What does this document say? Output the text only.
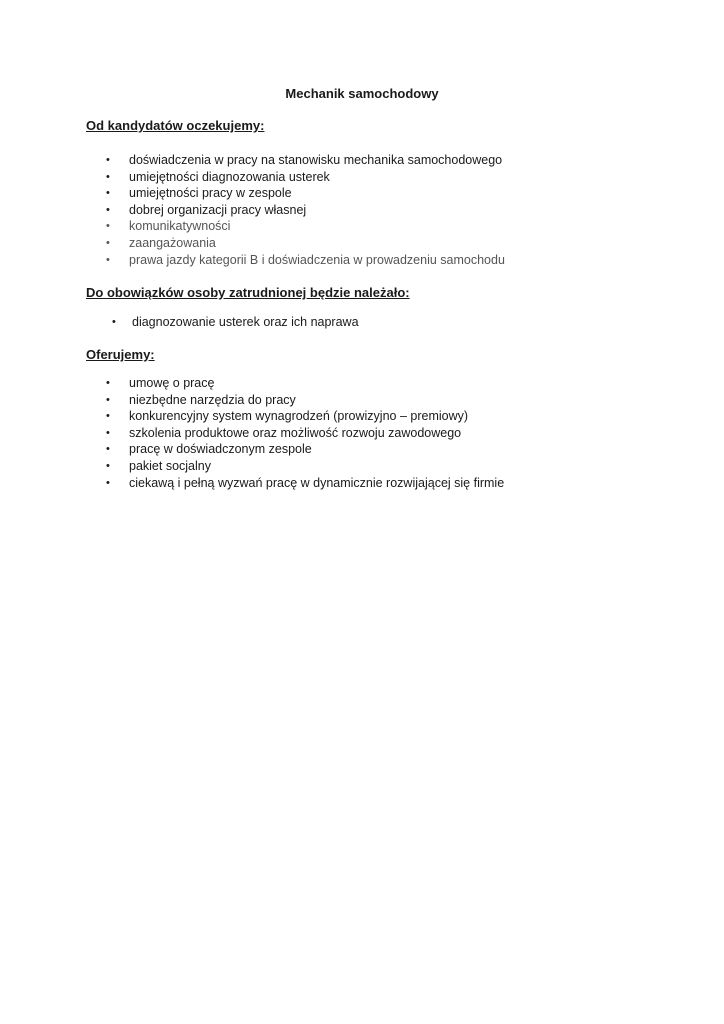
Mechanik samochodowy
Od kandydatów oczekujemy:
• doświadczenia w pracy na stanowisku mechanika samochodowego
• umiejętności diagnozowania usterek
• umiejętności pracy w zespole
• dobrej organizacji pracy własnej
• komunikatywności
• zaangażowania
• prawa jazdy kategorii B i doświadczenia w prowadzeniu samochodu
Do obowiązków osoby zatrudnionej będzie należało:
• diagnozowanie usterek oraz ich naprawa
Oferujemy:
• umowę o pracę
• niezbędne narzędzia do pracy
• konkurencyjny system wynagrodzeń (prowizyjno – premiowy)
• szkolenia produktowe oraz możliwość rozwoju zawodowego
• pracę w doświadczonym zespole
• pakiet socjalny
• ciekawą i pełną wyzwań pracę w dynamicznie rozwijającej się firmie
